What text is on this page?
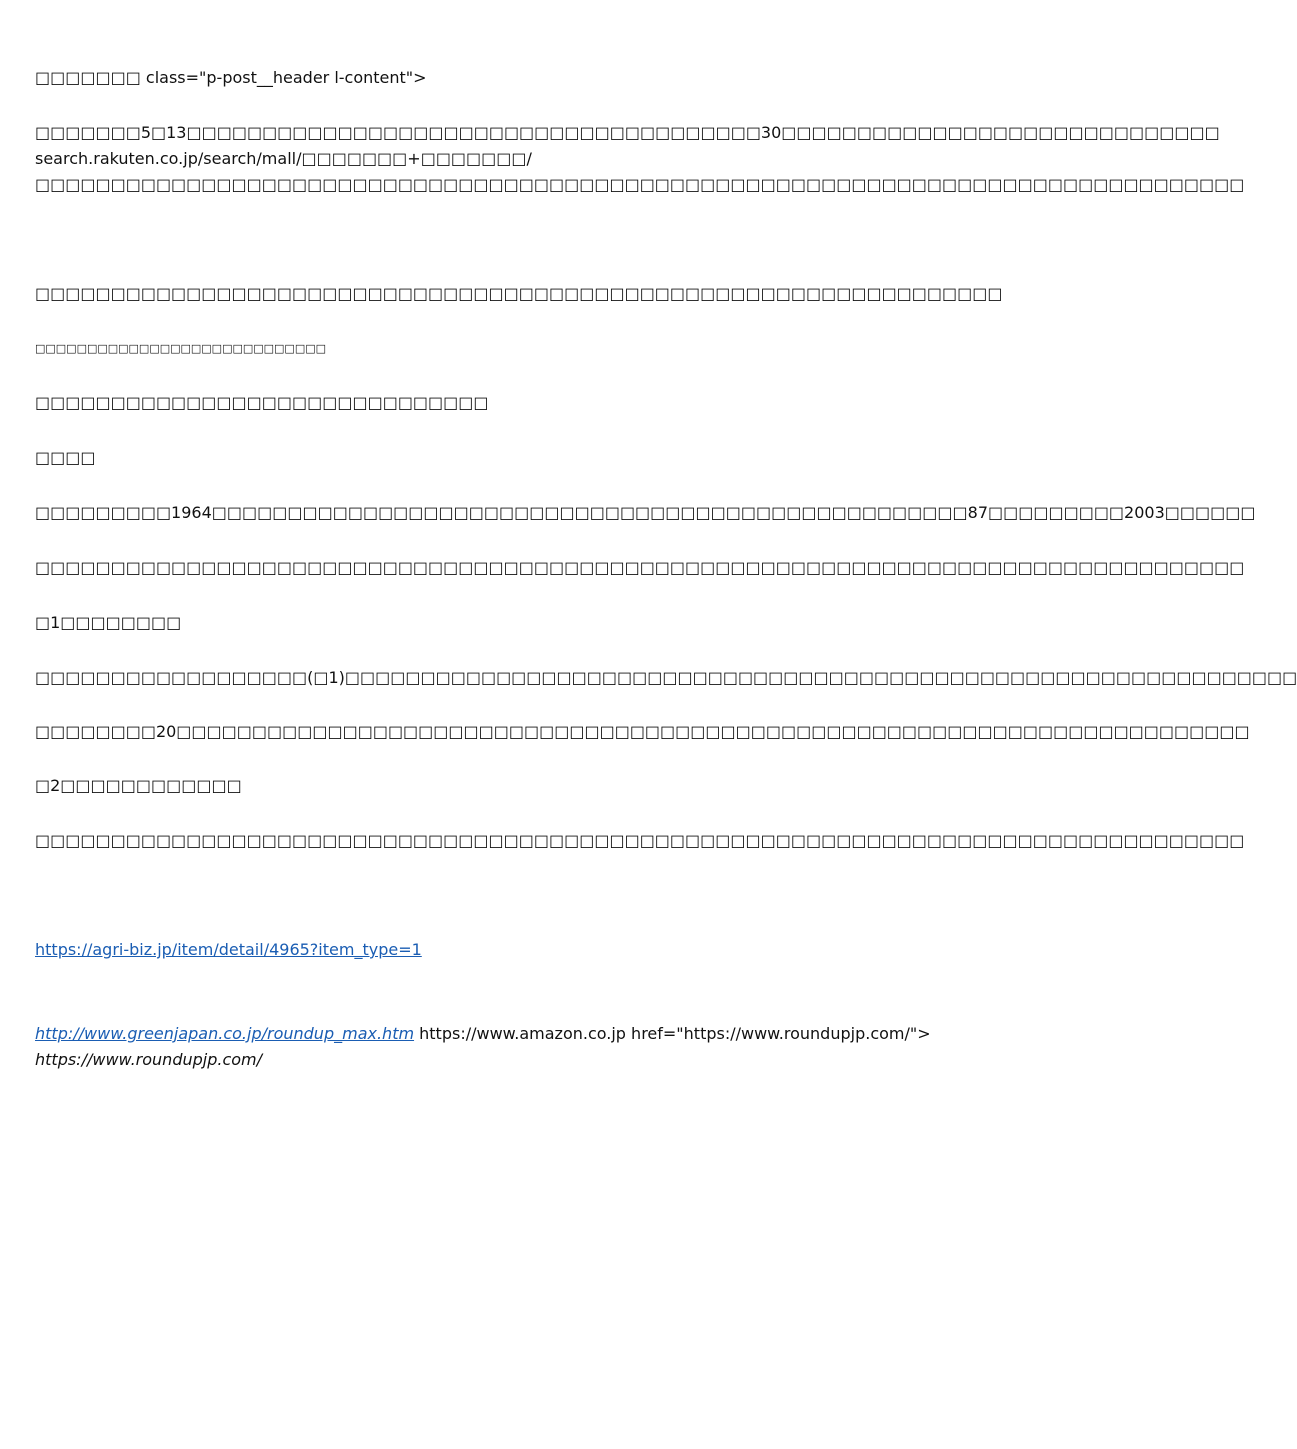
□□□□□□□ class="p-post__header l-content">
□□□□□□□5□13□□□□□□□□□□□□□□□□□□□□□□□□□□□□□□□□□□□□□□30□□□□□□□□□□□□□□□□□□□□□□□□□□□□□
search.rakuten.co.jp/search/mall/□□□□□□□+□□□□□□□/
□□□□□□□□□□□□□□□□□□□□□□□□□□□□□□□□□□□□□□□□□□□□□□□□□□□□□□□□□□□□□□□□□□□□□□□□□□□□□□□□
□□□□□□□□□□□□□□□□□□□□□□□□□□□□□□□□□□□□□□□□□□□□□□□□□□□□□□□□□□□□□□□□
□□□□□□□□□□□□□□□□□□□□□□□□□□□□
□□□□□□□□□□□□□□□□□□□□□□□□□□□□□□
□□□□
□□□□□□□□□1964□□□□□□□□□□□□□□□□□□□□□□□□□□□□□□□□□□□□□□□□□□□□□□□□□□87□□□□□□□□□2003□□□□□□
□□□□□□□□□□□□□□□□□□□□□□□□□□□□□□□□□□□□□□□□□□□□□□□□□□□□□□□□□□□□□□□□□□□□□□□□□□□□□□□□
□1□□□□□□□□
□□□□□□□□□□□□□□□□□□(□1)□□□□□□□□□□□□□□□□□□□□□□□□□□□□□□□□□□□□□□□□□□□□□□□□□□□□□□□□□□□□□□□
□□□□□□□□20□□□□□□□□□□□□□□□□□□□□□□□□□□□□□□□□□□□□□□□□□□□□□□□□□□□□□□□□□□□□□□□□□□□□□□□
□2□□□□□□□□□□□□
□□□□□□□□□□□□□□□□□□□□□□□□□□□□□□□□□□□□□□□□□□□□□□□□□□□□□□□□□□□□□□□□□□□□□□□□□□□□□□□□
https://agri-biz.jp/item/detail/4965?item_type=1
http://www.greenjapan.co.jp/roundup_max.htm https://www.amazon.co.jp href="https://www.roundupjp.com/">
https://www.roundupjp.com/
